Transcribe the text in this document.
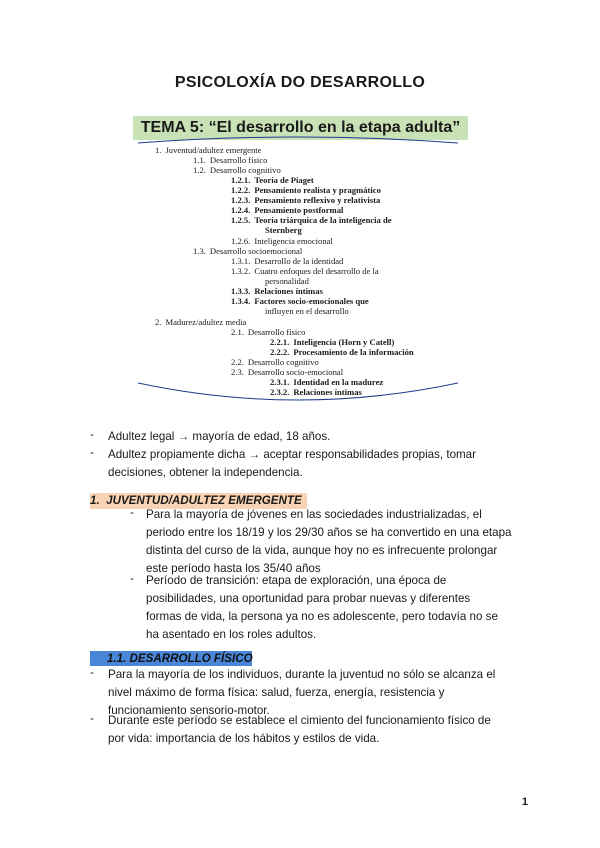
PSICOLOXÍA DO DESARROLLO
TEMA 5: “El desarrollo en la etapa adulta”
1. Juventud/adultez emergente
1.1. Desarrollo físico
1.2. Desarrollo cognitivo
1.2.1. Teoría de Piaget
1.2.2. Pensamiento realista y pragmático
1.2.3. Pensamiento reflexivo y relativista
1.2.4. Pensamiento postformal
1.2.5. Teoría triárquica de la inteligencia de
Sternberg
1.2.6. Inteligencia emocional
1.3. Desarrollo socioemocional
1.3.1. Desarrollo de la identidad
1.3.2. Cuatro enfoques del desarrollo de la
personalidad
1.3.3. Relaciones íntimas
1.3.4. Factores socio-emocionales que
influyen en el desarrollo
2. Madurez/adultez media
2.1. Desarrollo físico
2.2.1. Inteligencia (Horn y Catell)
2.2.2. Procesamiento de la información
2.2. Desarrollo cognitivo
2.3. Desarrollo socio-emocional
2.3.1. Identidad en la madurez
2.3.2. Relaciones íntimas
- Adultez legal → mayoría de edad, 18 años.
- Adultez propiamente dicha → aceptar responsabilidades propias, tomar
decisiones, obtener la independencia.
1. JUVENTUD/ADULTEZ EMERGENTE
- Para la mayoría de jóvenes en las sociedades industrializadas, el
periodo entre los 18/19 y los 29/30 años se ha convertido en una etapa
distinta del curso de la vida, aunque hoy no es infrecuente prolongar
este período hasta los 35/40 años
- Período de transición: etapa de exploración, una época de
posibilidades, una oportunidad para probar nuevas y diferentes
formas de vida, la persona ya no es adolescente, pero todavía no se
ha asentado en los roles adultos.
1.1. DESARROLLO FÍSICO
- Para la mayoría de los individuos, durante la juventud no sólo se alcanza el
nivel máximo de forma física: salud, fuerza, energía, resistencia y
funcionamiento sensorio-motor.
- Durante este período se establece el cimiento del funcionamiento físico de
por vida: importancia de los hábitos y estilos de vida.
1
